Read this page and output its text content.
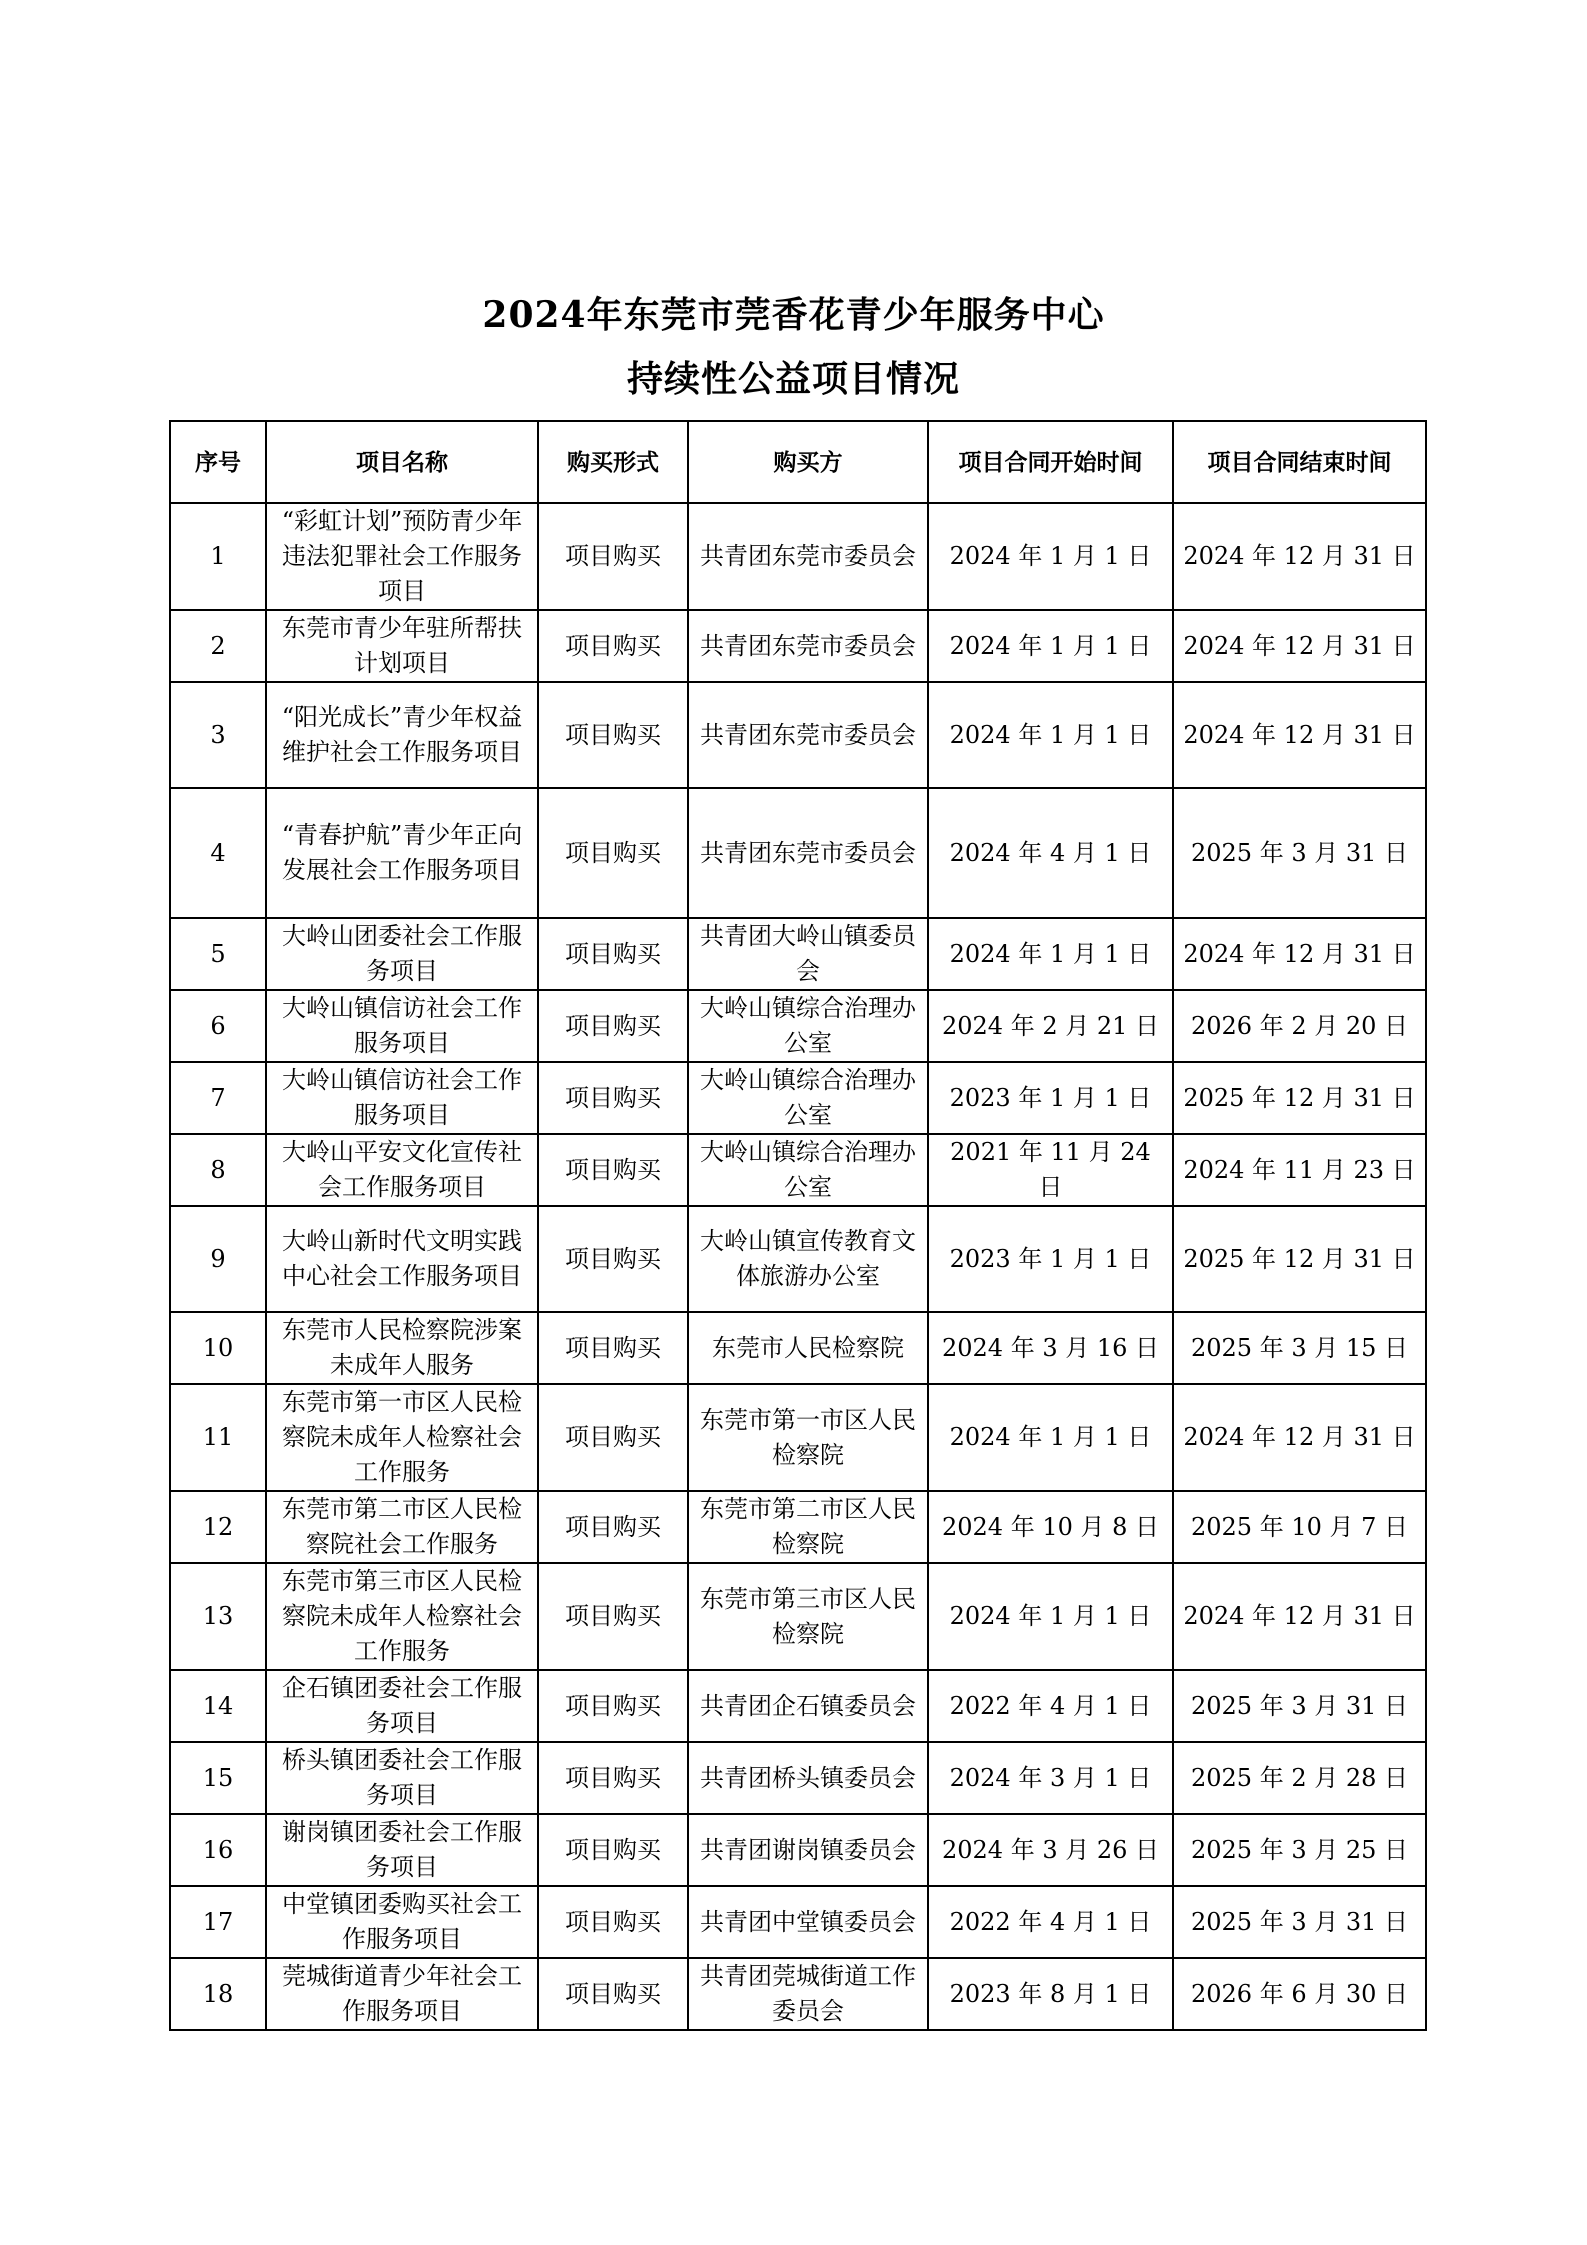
2024年东莞市莞香花青少年服务中心
持续性公益项目情况
序号	项目名称	购买形式	购买方	项目合同开始时间	项目合同结束时间
1	“彩虹计划”预防青少年违法犯罪社会工作服务项目	项目购买	共青团东莞市委员会	2024 年 1 月 1 日	2024 年 12 月 31 日
2	东莞市青少年驻所帮扶计划项目	项目购买	共青团东莞市委员会	2024 年 1 月 1 日	2024 年 12 月 31 日
3	“阳光成长”青少年权益维护社会工作服务项目	项目购买	共青团东莞市委员会	2024 年 1 月 1 日	2024 年 12 月 31 日
4	“青春护航”青少年正向发展社会工作服务项目	项目购买	共青团东莞市委员会	2024 年 4 月 1 日	2025 年 3 月 31 日
5	大岭山团委社会工作服务项目	项目购买	共青团大岭山镇委员会	2024 年 1 月 1 日	2024 年 12 月 31 日
6	大岭山镇信访社会工作服务项目	项目购买	大岭山镇综合治理办公室	2024 年 2 月 21 日	2026 年 2 月 20 日
7	大岭山镇信访社会工作服务项目	项目购买	大岭山镇综合治理办公室	2023 年 1 月 1 日	2025 年 12 月 31 日
8	大岭山平安文化宣传社会工作服务项目	项目购买	大岭山镇综合治理办公室	2021 年 11 月 24 日	2024 年 11 月 23 日
9	大岭山新时代文明实践中心社会工作服务项目	项目购买	大岭山镇宣传教育文体旅游办公室	2023 年 1 月 1 日	2025 年 12 月 31 日
10	东莞市人民检察院涉案未成年人服务	项目购买	东莞市人民检察院	2024 年 3 月 16 日	2025 年 3 月 15 日
11	东莞市第一市区人民检察院未成年人检察社会工作服务	项目购买	东莞市第一市区人民检察院	2024 年 1 月 1 日	2024 年 12 月 31 日
12	东莞市第二市区人民检察院社会工作服务	项目购买	东莞市第二市区人民检察院	2024 年 10 月 8 日	2025 年 10 月 7 日
13	东莞市第三市区人民检察院未成年人检察社会工作服务	项目购买	东莞市第三市区人民检察院	2024 年 1 月 1 日	2024 年 12 月 31 日
14	企石镇团委社会工作服务项目	项目购买	共青团企石镇委员会	2022 年 4 月 1 日	2025 年 3 月 31 日
15	桥头镇团委社会工作服务项目	项目购买	共青团桥头镇委员会	2024 年 3 月 1 日	2025 年 2 月 28 日
16	谢岗镇团委社会工作服务项目	项目购买	共青团谢岗镇委员会	2024 年 3 月 26 日	2025 年 3 月 25 日
17	中堂镇团委购买社会工作服务项目	项目购买	共青团中堂镇委员会	2022 年 4 月 1 日	2025 年 3 月 31 日
18	莞城街道青少年社会工作服务项目	项目购买	共青团莞城街道工作委员会	2023 年 8 月 1 日	2026 年 6 月 30 日
